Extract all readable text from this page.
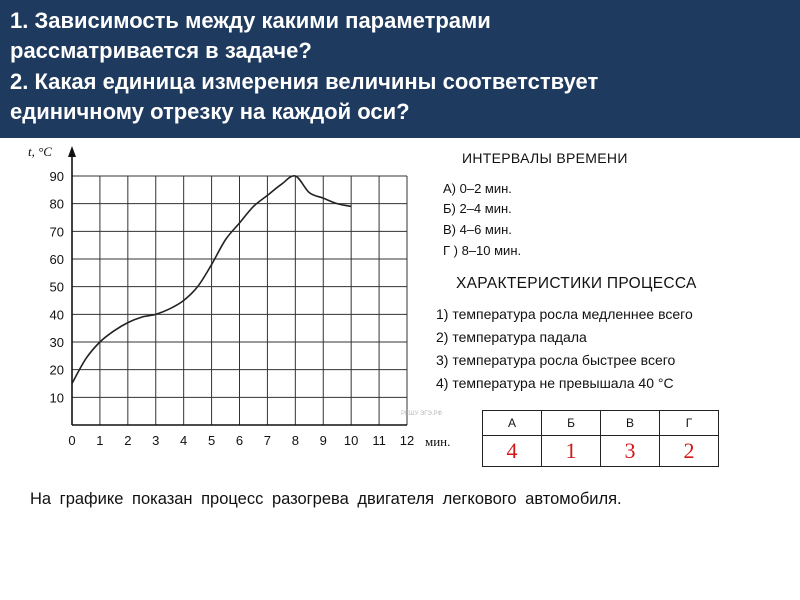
1. Зависимость между какими параметрами
рассматривается в задаче?
2. Какая единица измерения величины соответствует
единичному отрезку на каждой оси?
0 1 2 3 4 5 6 7 8 9 10 11 12
10
20
30
40
50
60
70
80
90
РЕШУ ЭГЭ.РФ
t, °C
мин.
ИНТЕРВАЛЫ ВРЕМЕНИ
А) 0–2 мин.
Б) 2–4 мин.
В) 4–6 мин.
Г ) 8–10 мин.
ХАРАКТЕРИСТИКИ ПРОЦЕССА
1) температура росла медленнее всего
2) температура падала
3) температура росла быстрее всего
4) температура не превышала 40 °С
А	Б	В	Г
4	1	3	2
На графике показан процесс разогрева двигателя легкового автомобиля.
